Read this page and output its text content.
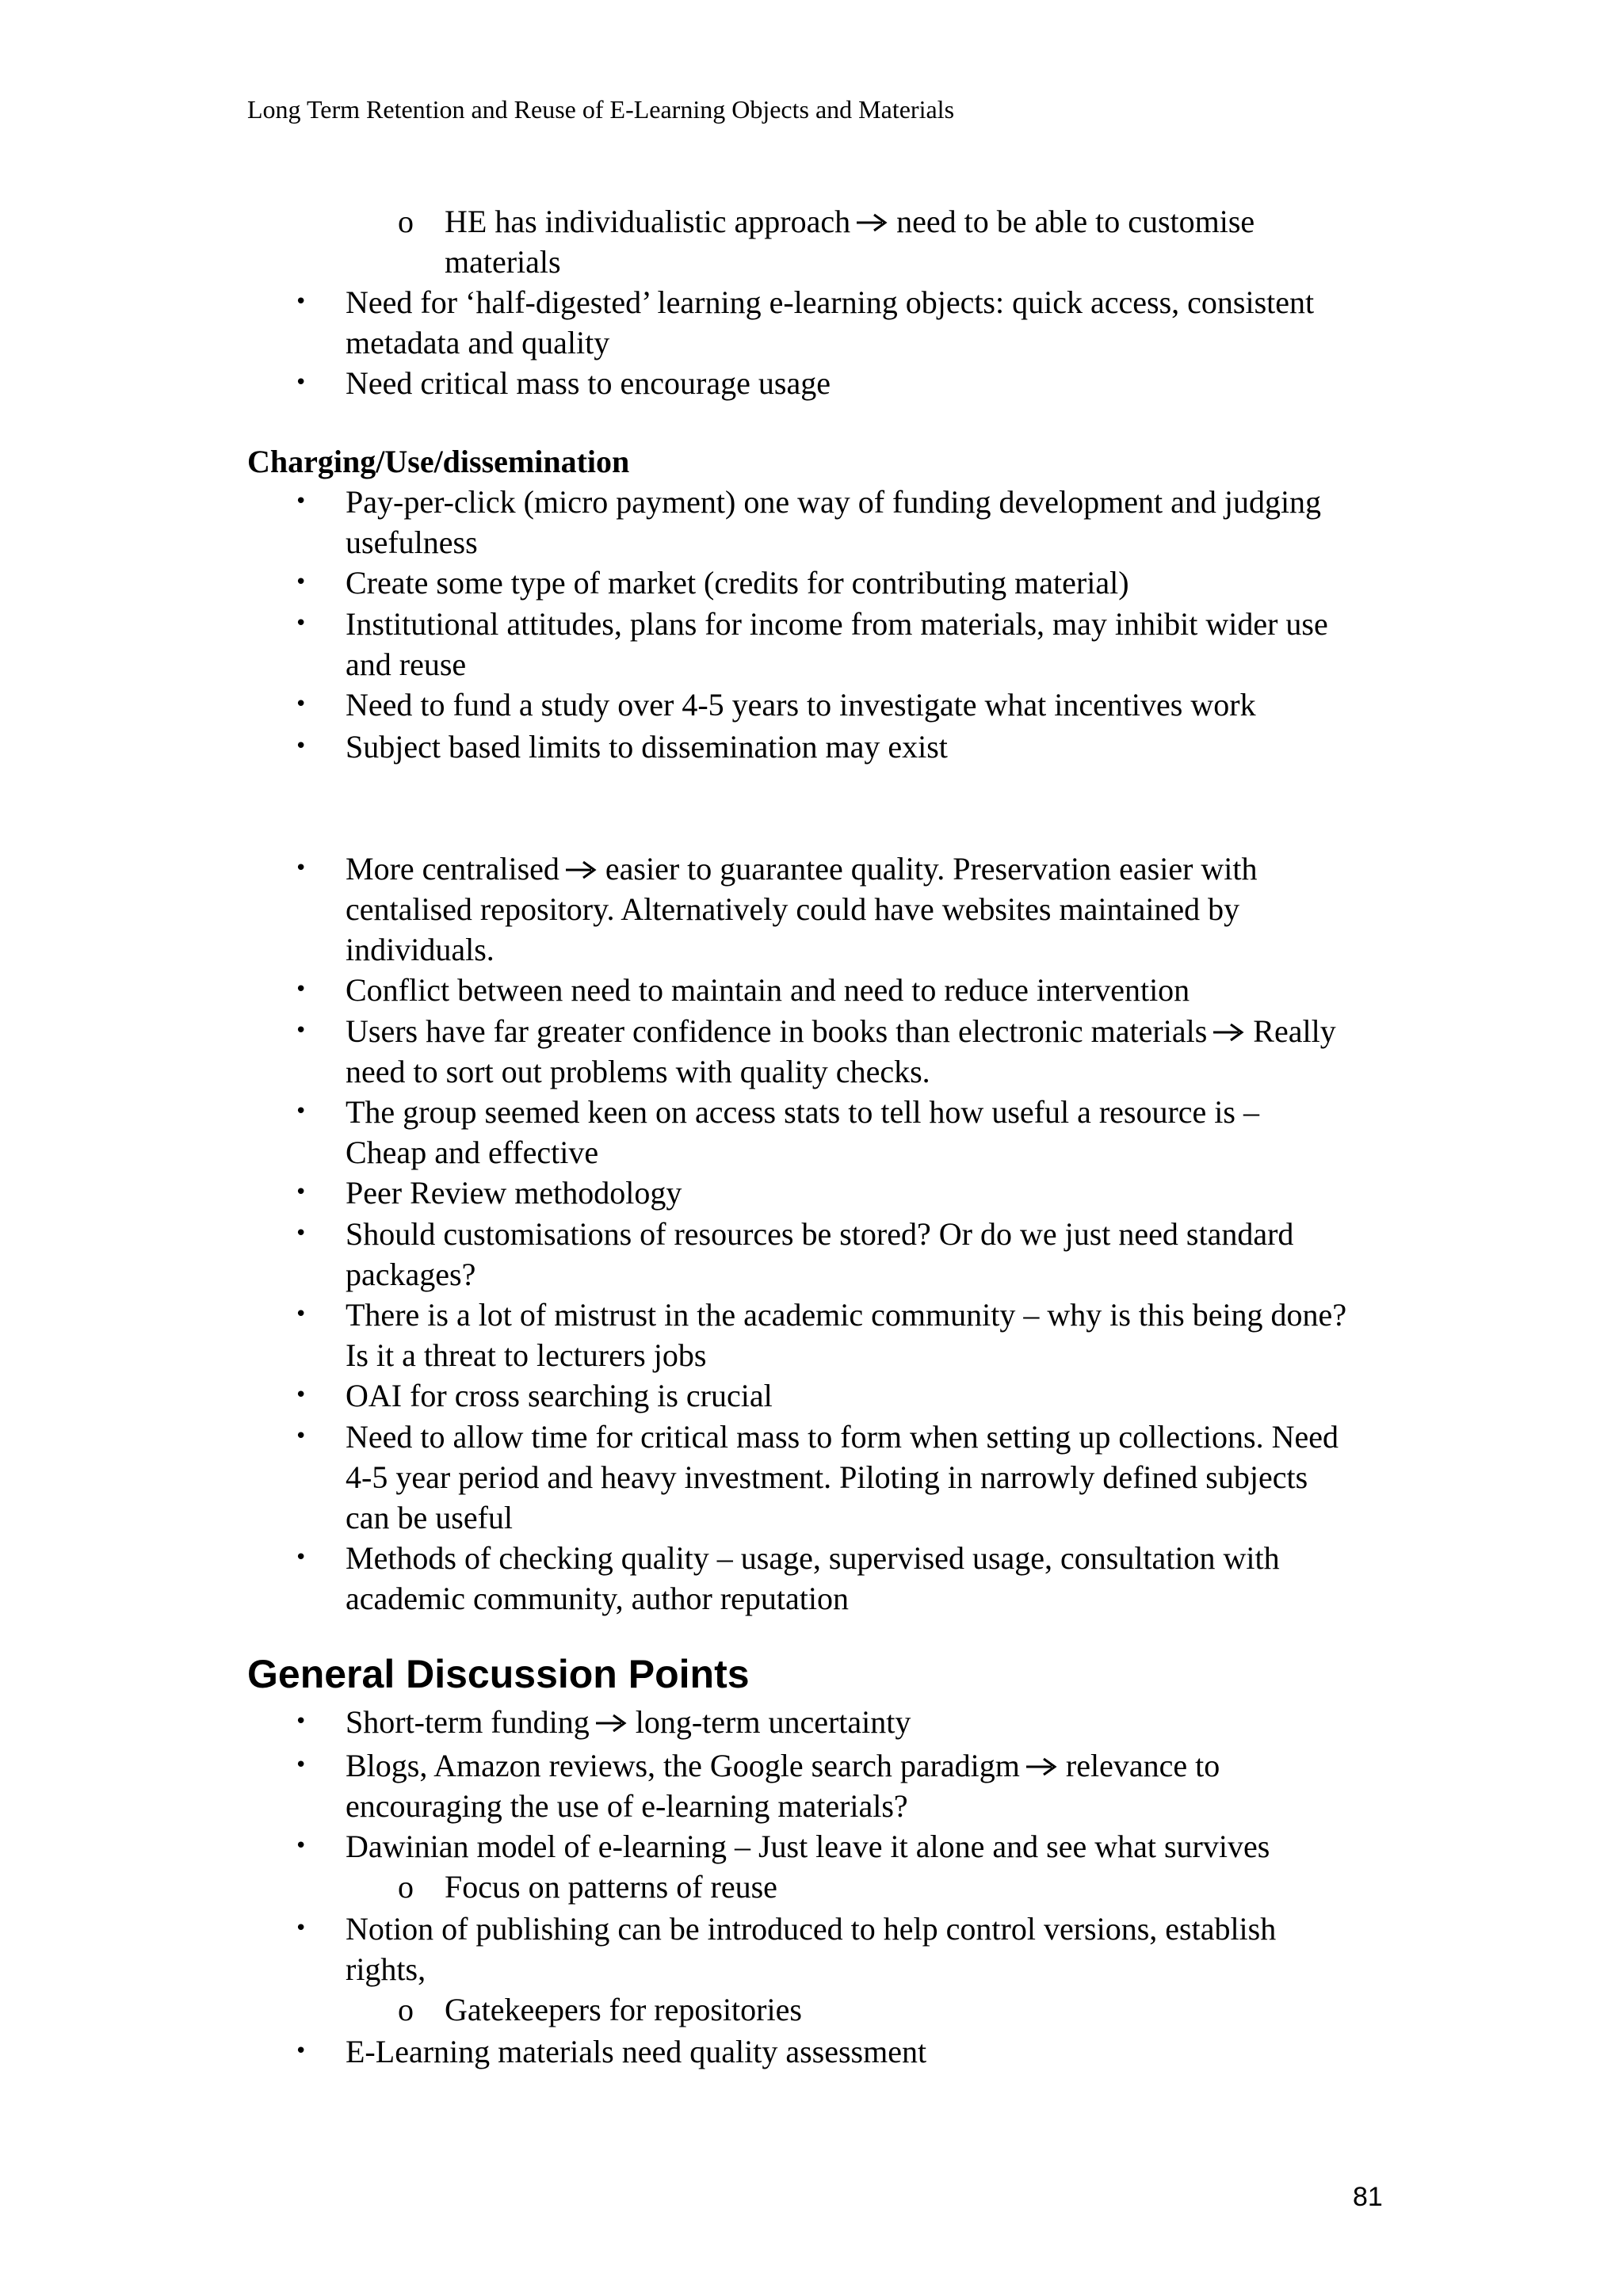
Long Term Retention and Reuse of E-Learning Objects and Materials
o HE has individualistic approach need to be able to customise
materials
• Need for ‘half-digested’ learning e-learning objects: quick access, consistent
metadata and quality
• Need critical mass to encourage usage
Charging/Use/dissemination
• Pay-per-click (micro payment) one way of funding development and judging
usefulness
• Create some type of market (credits for contributing material)
• Institutional attitudes, plans for income from materials, may inhibit wider use
and reuse
• Need to fund a study over 4-5 years to investigate what incentives work
• Subject based limits to dissemination may exist
• More centralised easier to guarantee quality. Preservation easier with
centalised repository. Alternatively could have websites maintained by
individuals.
• Conflict between need to maintain and need to reduce intervention
• Users have far greater confidence in books than electronic materials Really
need to sort out problems with quality checks.
• The group seemed keen on access stats to tell how useful a resource is –
Cheap and effective
• Peer Review methodology
• Should customisations of resources be stored? Or do we just need standard
packages?
• There is a lot of mistrust in the academic community – why is this being done?
Is it a threat to lecturers jobs
• OAI for cross searching is crucial
• Need to allow time for critical mass to form when setting up collections. Need
4-5 year period and heavy investment. Piloting in narrowly defined subjects
can be useful
• Methods of checking quality – usage, supervised usage, consultation with
academic community, author reputation
General Discussion Points
• Short-term funding long-term uncertainty
• Blogs, Amazon reviews, the Google search paradigm relevance to
encouraging the use of e-learning materials?
• Dawinian model of e-learning – Just leave it alone and see what survives
o Focus on patterns of reuse
• Notion of publishing can be introduced to help control versions, establish
rights,
o Gatekeepers for repositories
• E-Learning materials need quality assessment
81
